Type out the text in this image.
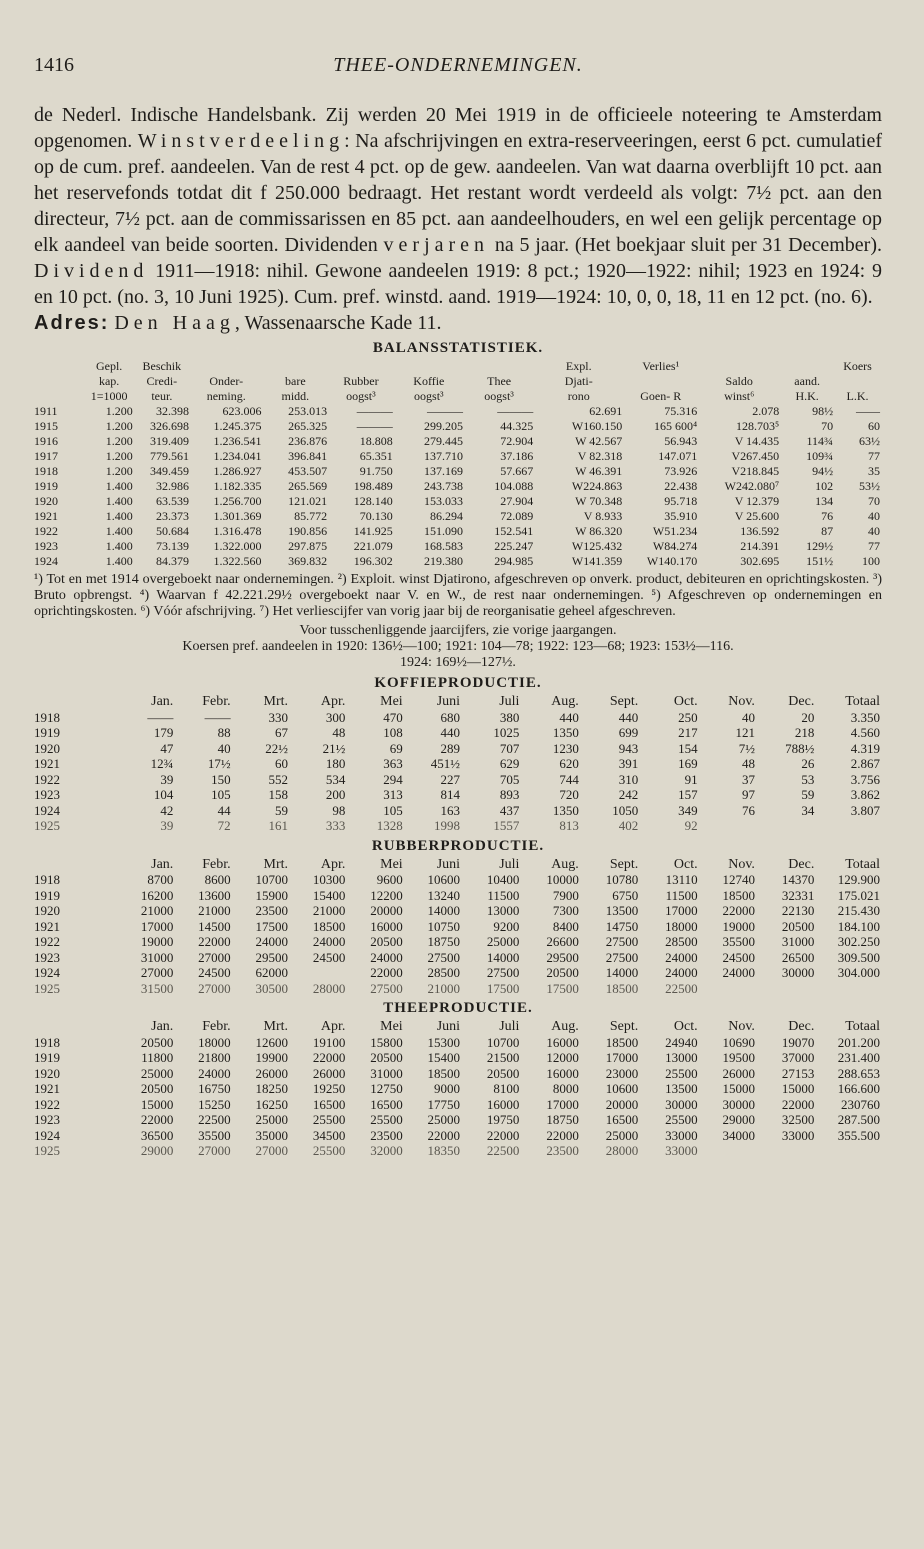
1416	THEE-ONDERNEMINGEN.

de Nederl. Indische Handelsbank. Zij werden 20 Mei 1919 in de officieele noteering te Amsterdam opgenomen. Winstverdeeling: Na afschrijvingen en extra-reserveeringen, eerst 6 pct. cumulatief op de cum. pref. aandeelen. Van de rest 4 pct. op de gew. aandeelen. Van wat daarna overblijft 10 pct. aan het reservefonds totdat dit f 250.000 bedraagt. Het restant wordt verdeeld als volgt: 7½ pct. aan den directeur, 7½ pct. aan de commissarissen en 85 pct. aan aandeelhouders, en wel een gelijk percentage op elk aandeel van beide soorten. Dividenden verjaren na 5 jaar. (Het boekjaar sluit per 31 December). Dividend 1911—1918: nihil. Gewone aandeelen 1919: 8 pct.; 1920—1922: nihil; 1923 en 1924: 9 en 10 pct. (no. 3, 10 Juni 1925). Cum. pref. winstd. aand. 1919—1924: 10, 0, 0, 18, 11 en 12 pct. (no. 6).
Adres: Den Haag, Wassenaarsche Kade 11.

BALANSSTATISTIEK.
	Gepl.	Beschik						Expl.	Verlies¹			Koers
	kap.	Credi-	Onder-	bare	Rubber	Koffie	Thee	Djati-		Saldo	aand.	
	1=1000	teur.	neming.	midd.	oogst³	oogst³	oogst³	rono	Goen- R	winst⁶	H.K.	L.K.
1911	1.200	32.398	623.006	253.013	———	———	———	62.691	75.316	2.078	98½	——
1915	1.200	326.698	1.245.375	265.325	———	299.205	44.325	W160.150	165 600⁴	128.703⁵	70	60
1916	1.200	319.409	1.236.541	236.876	18.808	279.445	72.904	W 42.567	56.943	V 14.435	114¾	63½
1917	1.200	779.561	1.234.041	396.841	65.351	137.710	37.186	V 82.318	147.071	V267.450	109¾	77
1918	1.200	349.459	1.286.927	453.507	91.750	137.169	57.667	W 46.391	73.926	V218.845	94½	35
1919	1.400	32.986	1.182.335	265.569	198.489	243.738	104.088	W224.863	22.438	W242.080⁷	102	53½
1920	1.400	63.539	1.256.700	121.021	128.140	153.033	27.904	W 70.348	95.718	V 12.379	134	70
1921	1.400	23.373	1.301.369	85.772	70.130	86.294	72.089	V 8.933	35.910	V 25.600	76	40
1922	1.400	50.684	1.316.478	190.856	141.925	151.090	152.541	W 86.320	W51.234	136.592	87	40
1923	1.400	73.139	1.322.000	297.875	221.079	168.583	225.247	W125.432	W84.274	214.391	129½	77
1924	1.400	84.379	1.322.560	369.832	196.302	219.380	294.985	W141.359	W140.170	302.695	151½	100

¹) Tot en met 1914 overgeboekt naar ondernemingen. ²) Exploit. winst Djatirono, afgeschreven op onverk. product, debiteuren en oprichtingskosten. ³) Bruto opbrengst. ⁴) Waarvan f 42.221.29½ overgeboekt naar V. en W., de rest naar ondernemingen. ⁵) Afgeschreven op ondernemingen en oprichtingskosten. ⁶) Vóór afschrijving. ⁷) Het verliescijfer van vorig jaar bij de reorganisatie geheel afgeschreven.

Voor tusschenliggende jaarcijfers, zie vorige jaargangen.

Koersen pref. aandeelen in 1920: 136½—100; 1921: 104—78; 1922: 123—68; 1923: 153½—116.

1924: 169½—127½.

KOFFIEPRODUCTIE.
	Jan.	Febr.	Mrt.	Apr.	Mei	Juni	Juli	Aug.	Sept.	Oct.	Nov.	Dec.	Totaal
1918	——	——	330	300	470	680	380	440	440	250	40	20	3.350
1919	179	88	67	48	108	440	1025	1350	699	217	121	218	4.560
1920	47	40	22½	21½	69	289	707	1230	943	154	7½	788½	4.319
1921	12¾	17½	60	180	363	451½	629	620	391	169	48	26	2.867
1922	39	150	552	534	294	227	705	744	310	91	37	53	3.756
1923	104	105	158	200	313	814	893	720	242	157	97	59	3.862
1924	42	44	59	98	105	163	437	1350	1050	349	76	34	3.807
1925	39	72	161	333	1328	1998	1557	813	402	92			
RUBBERPRODUCTIE.
	Jan.	Febr.	Mrt.	Apr.	Mei	Juni	Juli	Aug.	Sept.	Oct.	Nov.	Dec.	Totaal
1918	8700	8600	10700	10300	9600	10600	10400	10000	10780	13110	12740	14370	129.900
1919	16200	13600	15900	15400	12200	13240	11500	7900	6750	11500	18500	32331	175.021
1920	21000	21000	23500	21000	20000	14000	13000	7300	13500	17000	22000	22130	215.430
1921	17000	14500	17500	18500	16000	10750	9200	8400	14750	18000	19000	20500	184.100
1922	19000	22000	24000	24000	20500	18750	25000	26600	27500	28500	35500	31000	302.250
1923	31000	27000	29500	24500	24000	27500	14000	29500	27500	24000	24500	26500	309.500
1924	27000	24500	62000		22000	28500	27500	20500	14000	24000	24000	30000	304.000
1925	31500	27000	30500	28000	27500	21000	17500	17500	18500	22500			
THEEPRODUCTIE.
	Jan.	Febr.	Mrt.	Apr.	Mei	Juni	Juli	Aug.	Sept.	Oct.	Nov.	Dec.	Totaal
1918	20500	18000	12600	19100	15800	15300	10700	16000	18500	24940	10690	19070	201.200
1919	11800	21800	19900	22000	20500	15400	21500	12000	17000	13000	19500	37000	231.400
1920	25000	24000	26000	26000	31000	18500	20500	16000	23000	25500	26000	27153	288.653
1921	20500	16750	18250	19250	12750	9000	8100	8000	10600	13500	15000	15000	166.600
1922	15000	15250	16250	16500	16500	17750	16000	17000	20000	30000	30000	22000	230760
1923	22000	22500	25000	25500	25500	25000	19750	18750	16500	25500	29000	32500	287.500
1924	36500	35500	35000	34500	23500	22000	22000	22000	25000	33000	34000	33000	355.500
1925	29000	27000	27000	25500	32000	18350	22500	23500	28000	33000			
